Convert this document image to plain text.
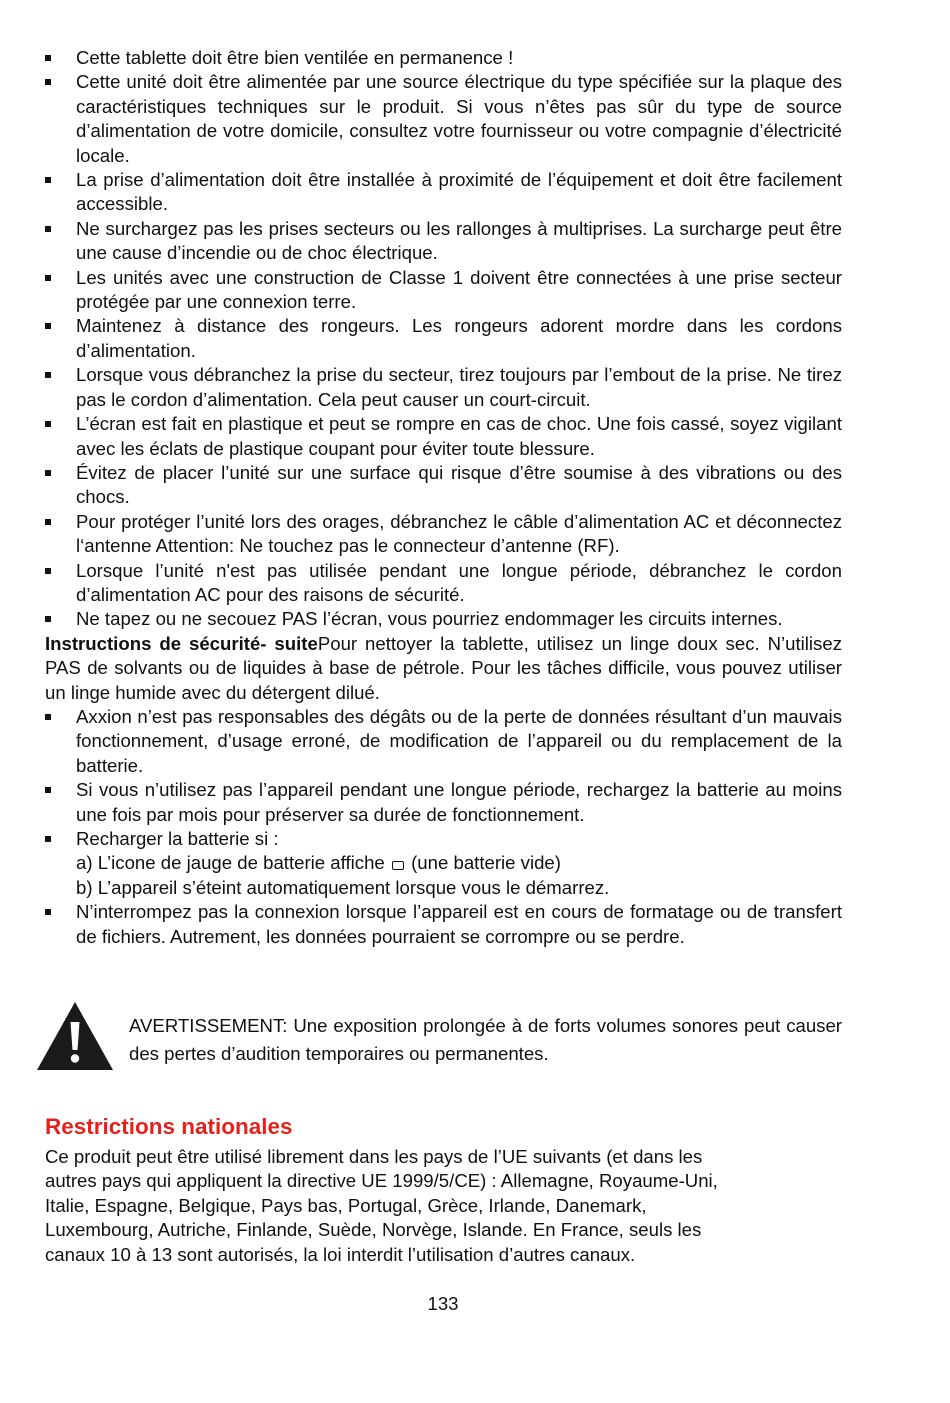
Cette tablette doit être bien ventilée en permanence !
Cette unité doit être alimentée par une source électrique du type spécifiée sur la plaque des caractéristiques techniques sur le produit. Si vous n’êtes pas sûr du type de source d’alimentation de votre domicile, consultez votre fournisseur ou votre compagnie d’électricité locale.
La prise d’alimentation doit être installée à proximité de l’équipement et doit être facilement accessible.
Ne surchargez pas les prises secteurs ou les rallonges à multiprises. La surcharge peut être une cause d’incendie ou de choc électrique.
Les unités avec une construction de Classe 1 doivent être connectées à une prise secteur protégée par une connexion terre.
Maintenez à distance des rongeurs. Les rongeurs adorent mordre dans les cordons d’alimentation.
Lorsque vous débranchez la prise du secteur, tirez toujours par l’embout de la prise. Ne tirez pas le cordon d’alimentation. Cela peut causer un court-circuit.
L’écran est fait en plastique et peut se rompre en cas de choc. Une fois cassé, soyez vigilant avec les éclats de plastique coupant pour éviter toute blessure.
Évitez de placer l’unité sur une surface qui risque d’être soumise à des vibrations ou des chocs.
Pour protéger l’unité lors des orages, débranchez le câble d’alimentation AC et déconnectez l‘antenne Attention: Ne touchez pas le connecteur d’antenne (RF).
Lorsque l’unité n'est pas utilisée pendant une longue période, débranchez le cordon d’alimentation AC pour des raisons de sécurité.
Ne tapez ou ne secouez PAS l’écran, vous pourriez endommager les circuits internes.

Instructions de sécurité- suitePour nettoyer la tablette, utilisez un linge doux sec. N’utilisez PAS de solvants ou de liquides à base de pétrole. Pour les tâches difficile, vous pouvez utiliser un linge humide avec du détergent dilué.

Axxion n’est pas responsables des dégâts ou de la perte de données résultant d’un mauvais fonctionnement, d’usage erroné, de modification de l’appareil ou du remplacement de la batterie.
Si vous n’utilisez pas l’appareil pendant une longue période, rechargez la batterie au moins une fois par mois pour préserver sa durée de fonctionnement.
Recharger la batterie si :
a) L’icone de jauge de batterie affiche (une batterie vide)
b) L’appareil s’éteint automatiquement lorsque vous le démarrez.
N’interrompez pas la connexion lorsque l’appareil est en cours de formatage ou de transfert de fichiers. Autrement, les données pourraient se corrompre ou se perdre.
AVERTISSEMENT: Une exposition prolongée à de forts volumes sonores peut causer des pertes d’audition temporaires ou permanentes.
Restrictions nationales
Ce produit peut être utilisé librement dans les pays de l’UE suivants (et dans les
autres pays qui appliquent la directive UE 1999/5/CE) : Allemagne, Royaume-Uni,
Italie, Espagne, Belgique, Pays bas, Portugal, Grèce, Irlande, Danemark,
Luxembourg, Autriche, Finlande, Suède, Norvège, Islande. En France, seuls les
canaux 10 à 13 sont autorisés, la loi interdit l’utilisation d’autres canaux.
133
